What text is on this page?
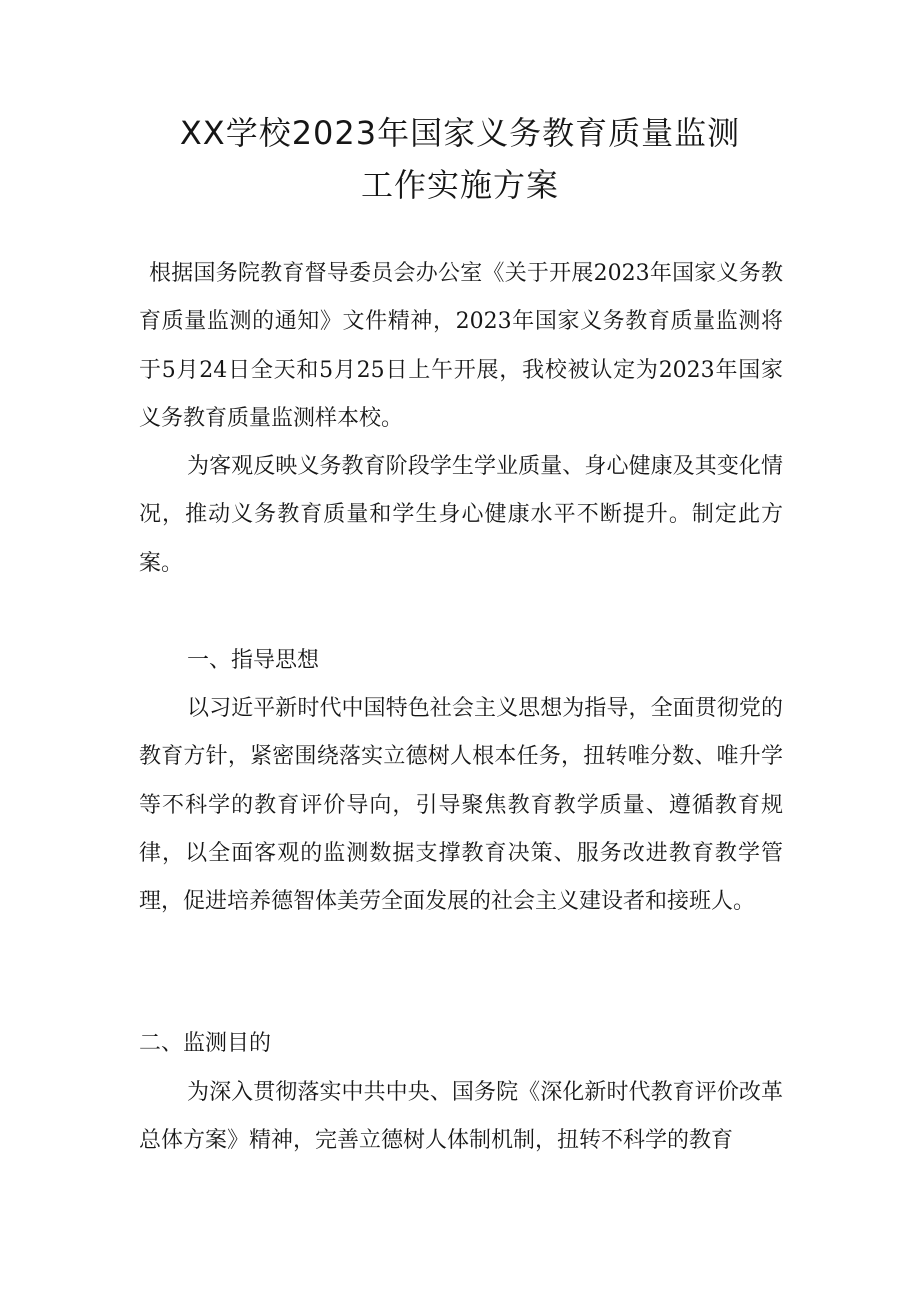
XX学校2023年国家义务教育质量监测
工作实施方案

根据国务院教育督导委员会办公室《关于开展2023年国家义务教育质量监测的通知》文件精神，2023年国家义务教育质量监测将于5月24日全天和5月25日上午开展，我校被认定为2023年国家义务教育质量监测样本校。

为客观反映义务教育阶段学生学业质量、身心健康及其变化情况，推动义务教育质量和学生身心健康水平不断提升。制定此方案。

一、指导思想

以习近平新时代中国特色社会主义思想为指导，全面贯彻党的教育方针，紧密围绕落实立德树人根本任务，扭转唯分数、唯升学等不科学的教育评价导向，引导聚焦教育教学质量、遵循教育规律，以全面客观的监测数据支撑教育决策、服务改进教育教学管理，促进培养德智体美劳全面发展的社会主义建设者和接班人。

二、监测目的

为深入贯彻落实中共中央、国务院《深化新时代教育评价改革总体方案》精神，完善立德树人体制机制，扭转不科学的教育
